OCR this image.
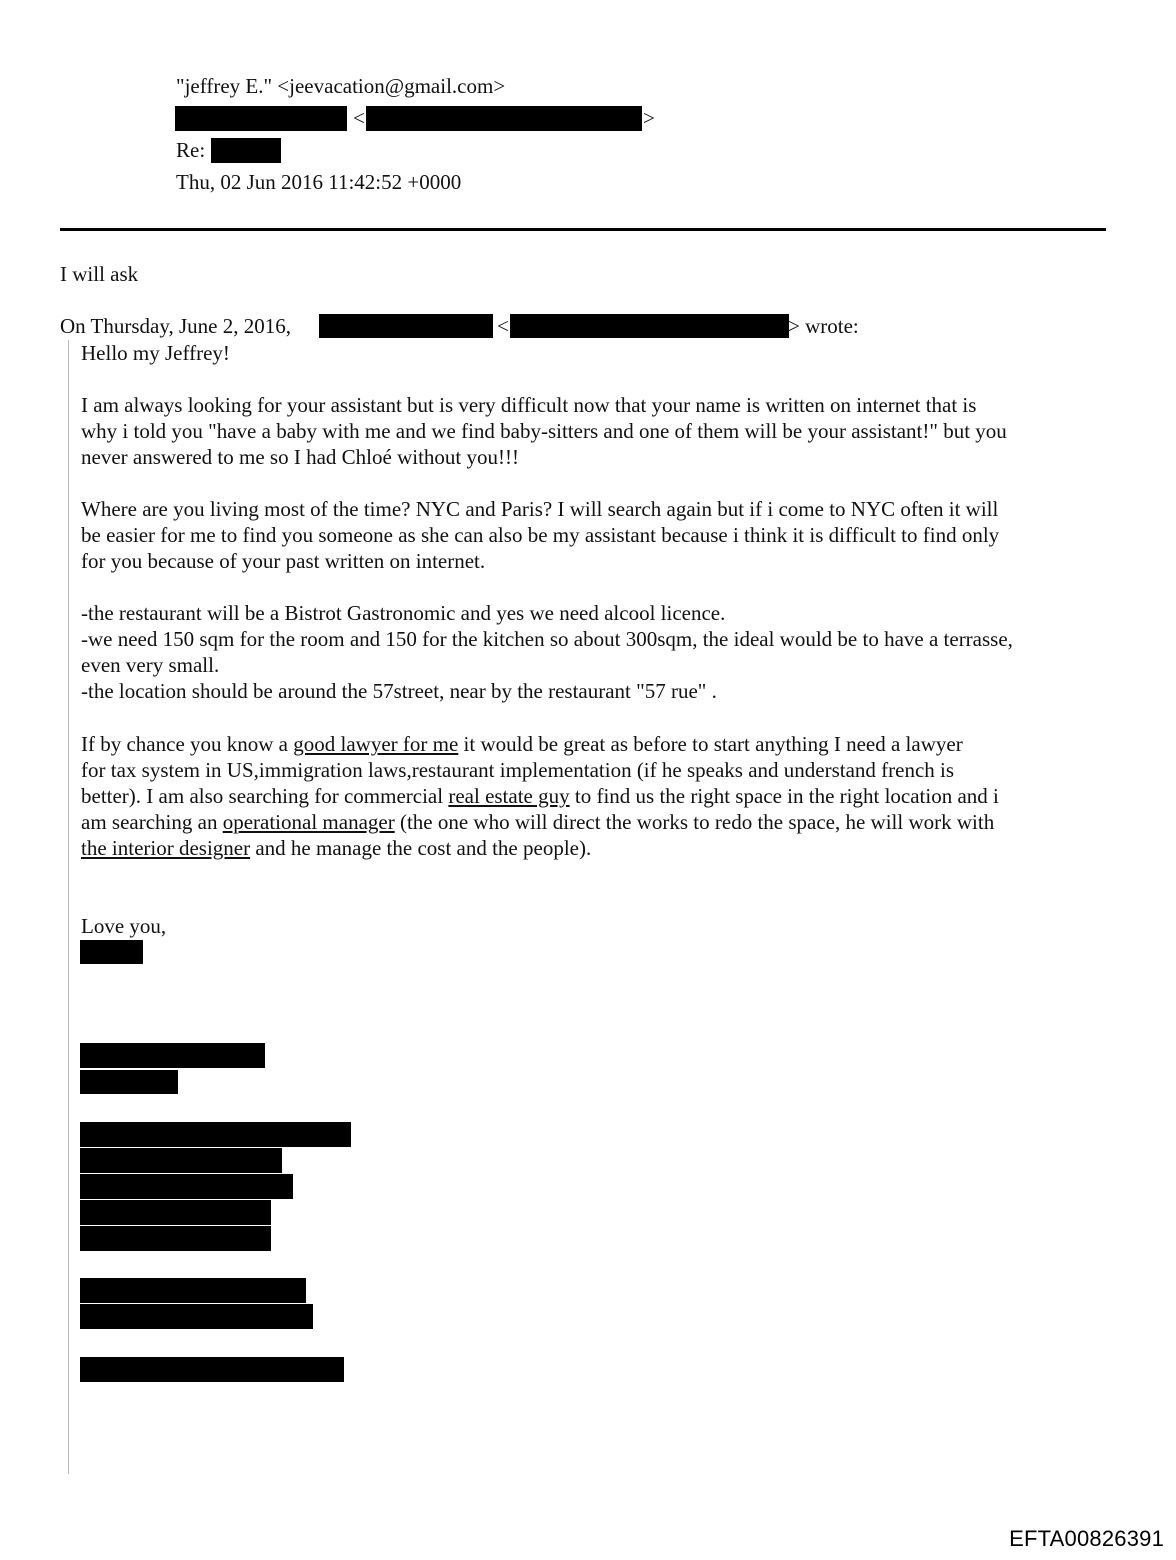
"jeffrey E." <jeevacation@gmail.com>
<	>
Re:
Thu, 02 Jun 2016 11:42:52 +0000
I will ask
On Thursday, June 2, 2016,	<	> wrote:
Hello my Jeffrey!
I am always looking for your assistant but is very difficult now that your name is written on internet that is
why i told you "have a baby with me and we find baby-sitters and one of them will be your assistant!" but you
never answered to me so I had Chloé without you!!!
Where are you living most of the time? NYC and Paris? I will search again but if i come to NYC often it will
be easier for me to find you someone as she can also be my assistant because i think it is difficult to find only
for you because of your past written on internet.
-the restaurant will be a Bistrot Gastronomic and yes we need alcool licence.
-we need 150 sqm for the room and 150 for the kitchen so about 300sqm, the ideal would be to have a terrasse,
even very small.
-the location should be around the 57street, near by the restaurant "57 rue" .
If by chance you know a good lawyer for me it would be great as before to start anything I need a lawyer
for tax system in US,immigration laws,restaurant implementation (if he speaks and understand french is
better). I am also searching for commercial real estate guy to find us the right space in the right location and i
am searching an operational manager (the one who will direct the works to redo the space, he will work with
the interior designer and he manage the cost and the people).
Love you,
EFTA00826391
